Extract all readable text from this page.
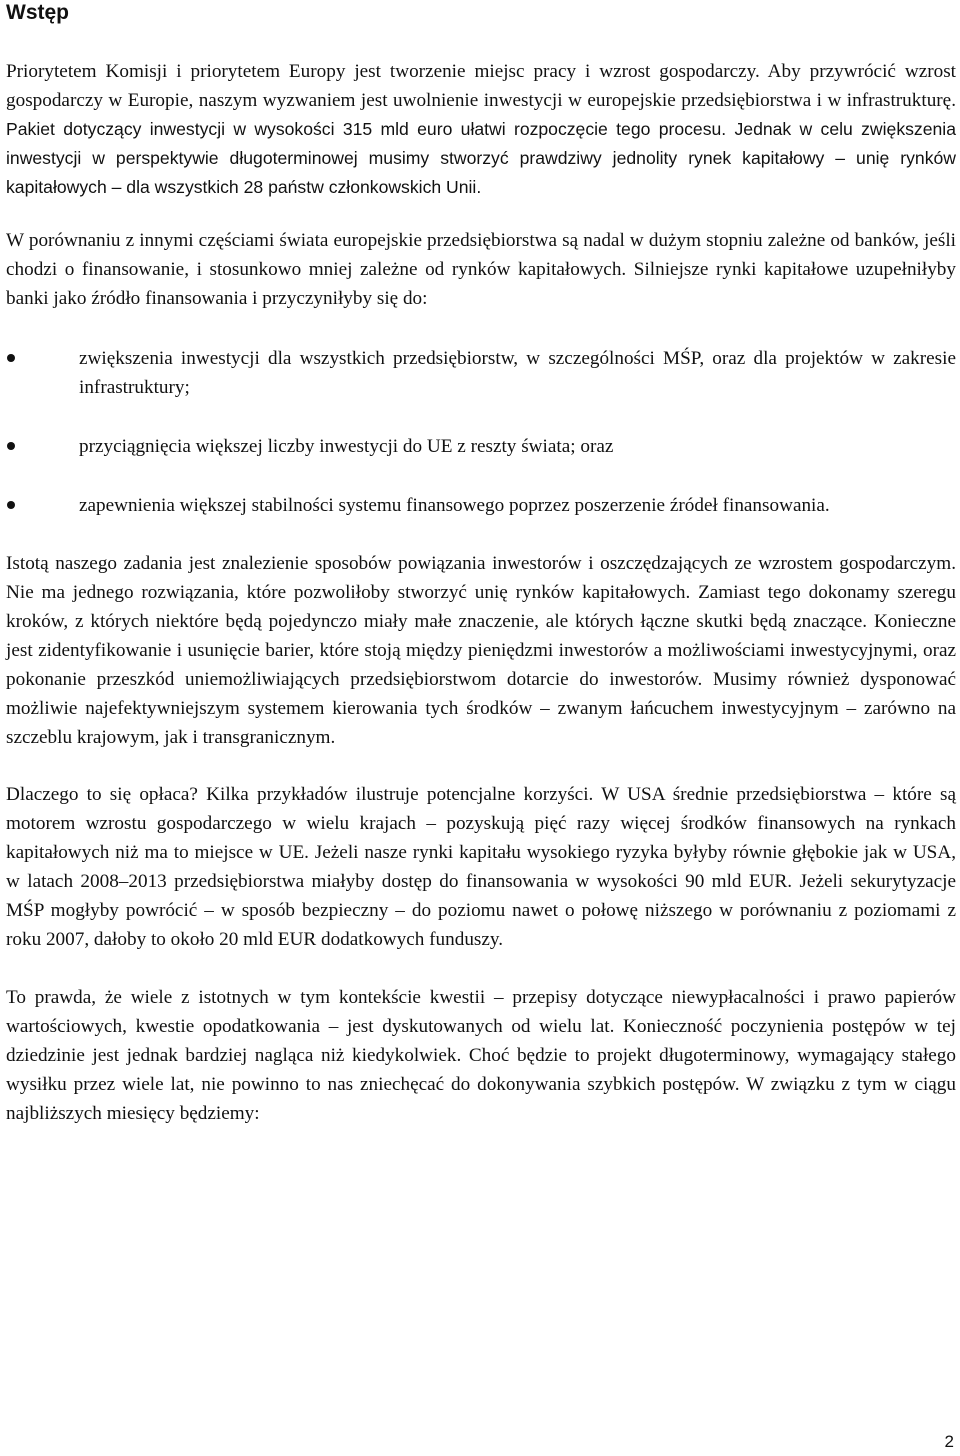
Wstęp

Priorytetem Komisji i priorytetem Europy jest tworzenie miejsc pracy i wzrost gospodarczy. Aby przywrócić wzrost gospodarczy w Europie, naszym wyzwaniem jest uwolnienie inwestycji w europejskie przedsiębiorstwa i w infrastrukturę. Pakiet dotyczący inwestycji w wysokości 315 mld euro ułatwi rozpoczęcie tego procesu. Jednak w celu zwiększenia inwestycji w perspektywie długoterminowej musimy stworzyć prawdziwy jednolity rynek kapitałowy – unię rynków kapitałowych – dla wszystkich 28 państw członkowskich Unii.

W porównaniu z innymi częściami świata europejskie przedsiębiorstwa są nadal w dużym stopniu zależne od banków, jeśli chodzi o finansowanie, i stosunkowo mniej zależne od rynków kapitałowych. Silniejsze rynki kapitałowe uzupełniłyby banki jako źródło finansowania i przyczyniłyby się do:

zwiększenia inwestycji dla wszystkich przedsiębiorstw, w szczególności MŚP, oraz dla projektów w zakresie infrastruktury;
przyciągnięcia większej liczby inwestycji do UE z reszty świata; oraz
zapewnienia większej stabilności systemu finansowego poprzez poszerzenie źródeł finansowania.

Istotą naszego zadania jest znalezienie sposobów powiązania inwestorów i oszczędzających ze wzrostem gospodarczym. Nie ma jednego rozwiązania, które pozwoliłoby stworzyć unię rynków kapitałowych. Zamiast tego dokonamy szeregu kroków, z których niektóre będą pojedynczo miały małe znaczenie, ale których łączne skutki będą znaczące. Konieczne jest zidentyfikowanie i usunięcie barier, które stoją między pieniędzmi inwestorów a możliwościami inwestycyjnymi, oraz pokonanie przeszkód uniemożliwiających przedsiębiorstwom dotarcie do inwestorów. Musimy również dysponować możliwie najefektywniejszym systemem kierowania tych środków – zwanym łańcuchem inwestycyjnym – zarówno na szczeblu krajowym, jak i transgranicznym.

Dlaczego to się opłaca? Kilka przykładów ilustruje potencjalne korzyści. W USA średnie przedsiębiorstwa – które są motorem wzrostu gospodarczego w wielu krajach – pozyskują pięć razy więcej środków finansowych na rynkach kapitałowych niż ma to miejsce w UE. Jeżeli nasze rynki kapitału wysokiego ryzyka byłyby równie głębokie jak w USA, w latach 2008–2013 przedsiębiorstwa miałyby dostęp do finansowania w wysokości 90 mld EUR. Jeżeli sekurytyzacje MŚP mogłyby powrócić – w sposób bezpieczny – do poziomu nawet o połowę niższego w porównaniu z poziomami z roku 2007, dałoby to około 20 mld EUR dodatkowych funduszy.

To prawda, że wiele z istotnych w tym kontekście kwestii – przepisy dotyczące niewypłacalności i prawo papierów wartościowych, kwestie opodatkowania – jest dyskutowanych od wielu lat. Konieczność poczynienia postępów w tej dziedzinie jest jednak bardziej nagląca niż kiedykolwiek. Choć będzie to projekt długoterminowy, wymagający stałego wysiłku przez wiele lat, nie powinno to nas zniechęcać do dokonywania szybkich postępów. W związku z tym w ciągu najbliższych miesięcy będziemy:

2
